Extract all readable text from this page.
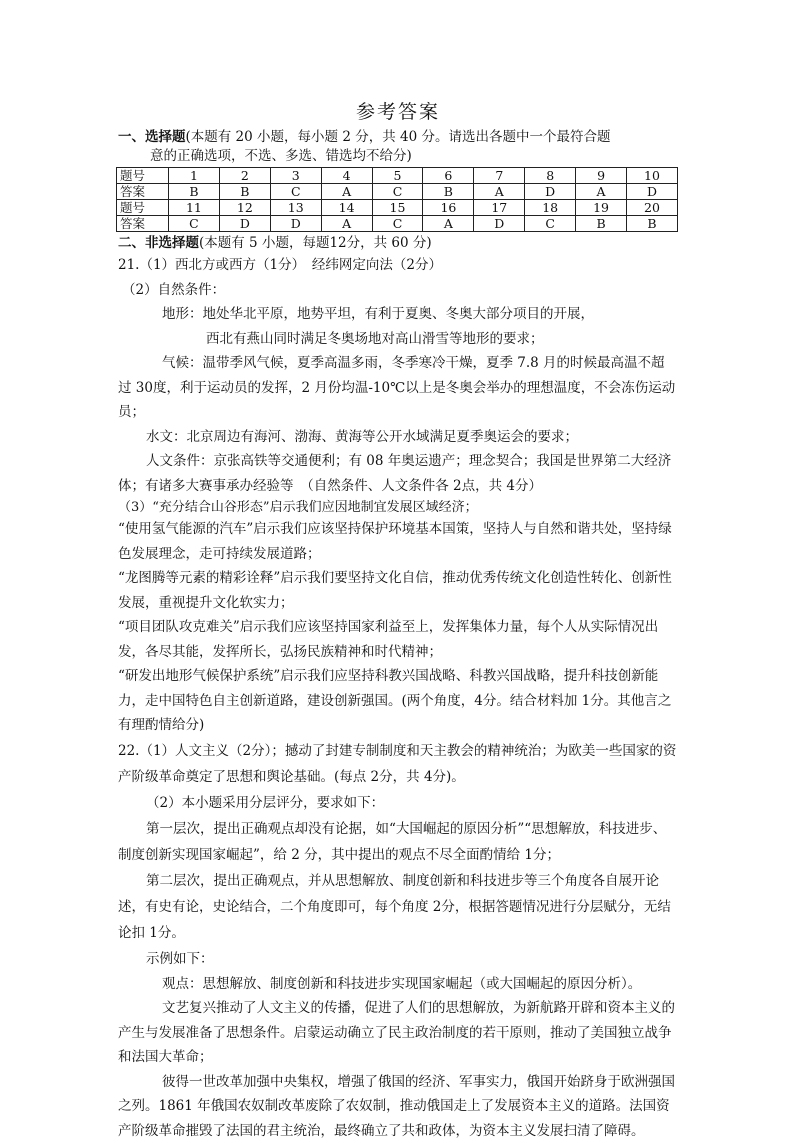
参考答案

一、选择题(本题有 20 小题，每小题 2 分，共 40 分。请选出各题中一个最符合题

意的正确选项，不选、多选、错选均不给分)

题号	1	2	3	4	5	6	7	8	9	10
答案	B	B	C	A	C	B	A	D	A	D
题号	11	12	13	14	15	16	17	18	19	20
答案	C	D	D	A	C	A	D	C	B	B

二、非选择题(本题有 5 小题，每题12分，共 60 分)

21.（1）西北方或西方（1分）　经纬网定向法（2分）

（2）自然条件：

地形：地处华北平原，地势平坦，有利于夏奥、冬奥大部分项目的开展，

西北有燕山同时满足冬奥场地对高山滑雪等地形的要求；

气候：温带季风气候，夏季高温多雨，冬季寒冷干燥，夏季 7.8 月的时候最高温不超过 30度，利于运动员的发挥，2 月份均温-10℃以上是冬奥会举办的理想温度，不会冻伤运动员；

水文：北京周边有海河、渤海、黄海等公开水域满足夏季奥运会的要求；

人文条件：京张高铁等交通便利；有 08 年奥运遗产；理念契合；我国是世界第二大经济体；有诸多大赛事承办经验等　（自然条件、人文条件各 2点，共 4分）

（3）“充分结合山谷形态”启示我们应因地制宜发展区域经济；

“使用氢气能源的汽车”启示我们应该坚持保护环境基本国策，坚持人与自然和谐共处，坚持绿色发展理念，走可持续发展道路；

“龙图腾等元素的精彩诠释”启示我们要坚持文化自信，推动优秀传统文化创造性转化、创新性发展，重视提升文化软实力；

“项目团队攻克难关”启示我们应该坚持国家利益至上，发挥集体力量，每个人从实际情况出发，各尽其能，发挥所长，弘扬民族精神和时代精神；

“研发出地形气候保护系统”启示我们应坚持科教兴国战略、科教兴国战略，提升科技创新能力，走中国特色自主创新道路，建设创新强国。(两个角度，4分。结合材料加 1分。其他言之有理酌情给分)

22.（1）人文主义（2分）；撼动了封建专制制度和天主教会的精神统治；为欧美一些国家的资产阶级革命奠定了思想和舆论基础。(每点 2分，共 4分)。

（2）本小题采用分层评分，要求如下：

第一层次，提出正确观点却没有论据，如“大国崛起的原因分析”“思想解放，科技进步、制度创新实现国家崛起”，给 2 分，其中提出的观点不尽全面酌情给 1分；

第二层次，提出正确观点，并从思想解放、制度创新和科技进步等三个角度各自展开论述，有史有论，史论结合，二个角度即可，每个角度 2分，根据答题情况进行分层赋分，无结论扣 1分。

示例如下：

观点：思想解放、制度创新和科技进步实现国家崛起（或大国崛起的原因分析）。

文艺复兴推动了人文主义的传播，促进了人们的思想解放，为新航路开辟和资本主义的产生与发展准备了思想条件。启蒙运动确立了民主政治制度的若干原则，推动了美国独立战争和法国大革命；

彼得一世改革加强中央集权，增强了俄国的经济、军事实力，俄国开始跻身于欧洲强国之列。1861 年俄国农奴制改革废除了农奴制，推动俄国走上了发展资本主义的道路。法国资产阶级革命摧毁了法国的君主统治，最终确立了共和政体，为资本主义发展扫清了障碍。
